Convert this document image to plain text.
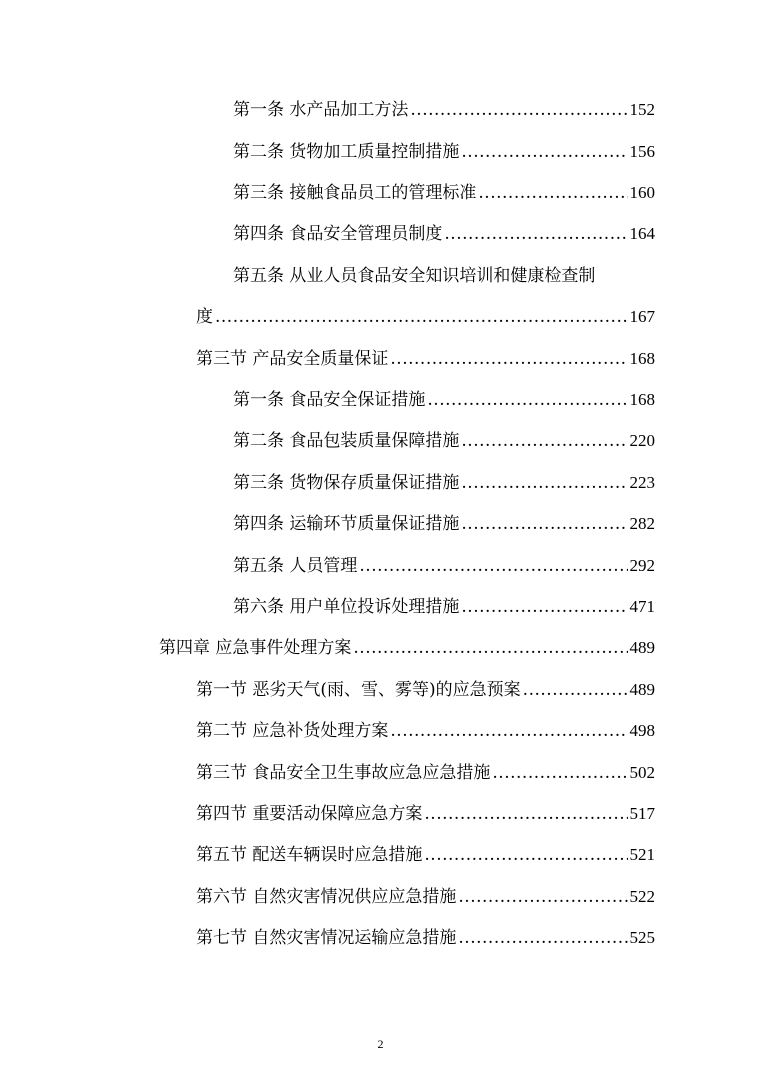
第一条 水产品加工方法 .....	152
第二条 货物加工质量控制措施 .....	156
第三条 接触食品员工的管理标准 .....	160
第四条 食品安全管理员制度 .....	164
第五条 从业人员食品安全知识培训和健康检查制
度 .....	167
第三节 产品安全质量保证 .....	168
第一条 食品安全保证措施 .....	168
第二条 食品包装质量保障措施 .....	220
第三条 货物保存质量保证措施 .....	223
第四条 运输环节质量保证措施 .....	282
第五条 人员管理 .....	292
第六条 用户单位投诉处理措施 .....	471
第四章 应急事件处理方案 .....	489
第一节 恶劣天气(雨、雪、雾等)的应急预案 .....	489
第二节 应急补货处理方案 .....	498
第三节 食品安全卫生事故应急应急措施 .....	502
第四节 重要活动保障应急方案 .....	517
第五节 配送车辆误时应急措施 .....	521
第六节 自然灾害情况供应应急措施 .....	522
第七节 自然灾害情况运输应急措施 .....	525
2
